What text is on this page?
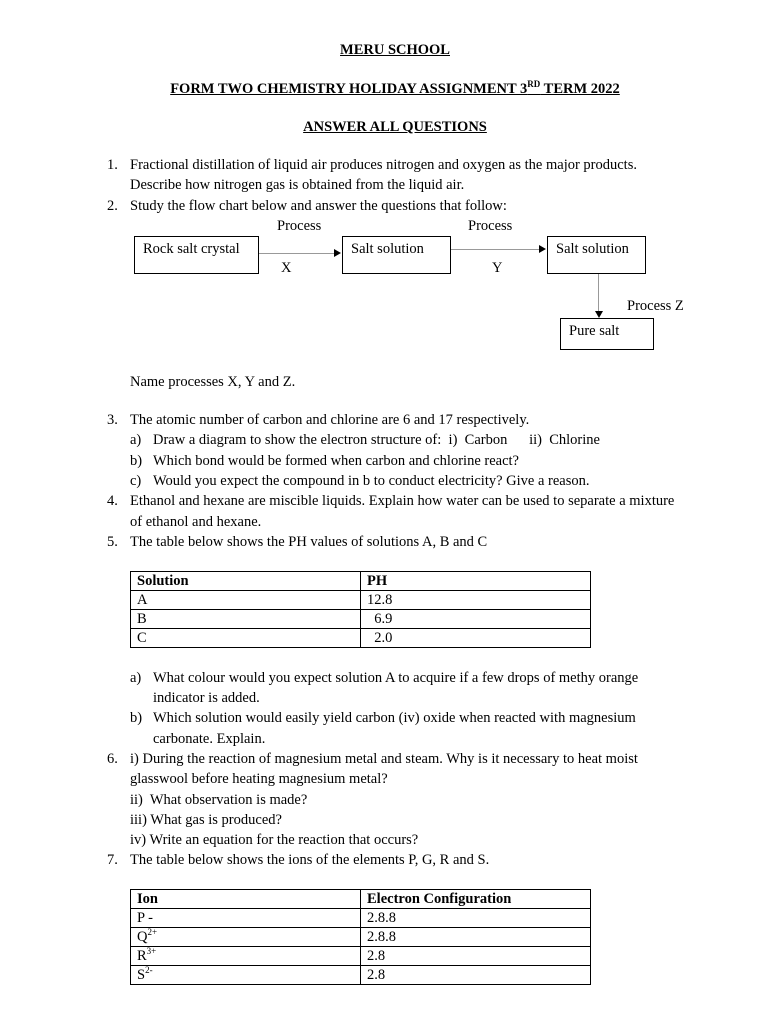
MERU SCHOOL
FORM TWO CHEMISTRY HOLIDAY ASSIGNMENT 3RD TERM 2022
ANSWER ALL QUESTIONS
1. Fractional distillation of liquid air produces nitrogen and oxygen as the major products.
Describe how nitrogen gas is obtained from the liquid air.
2. Study the flow chart below and answer the questions that follow:
Process	Process
Rock salt crystal	Salt solution	Salt solution
X	Y
Process Z
Pure salt
Name processes X, Y and Z.
3. The atomic number of carbon and chlorine are 6 and 17 respectively.
a) Draw a diagram to show the electron structure of:  i)  Carbon      ii)  Chlorine
b) Which bond would be formed when carbon and chlorine react?
c) Would you expect the compound in b to conduct electricity? Give a reason.
4. Ethanol and hexane are miscible liquids. Explain how water can be used to separate a mixture
of ethanol and hexane.
5. The table below shows the PH values of solutions A, B and C
Solution	PH
A	12.8
B	6.9
C	2.0
a) What colour would you expect solution A to acquire if a few drops of methy orange
indicator is added.
b) Which solution would easily yield carbon (iv) oxide when reacted with magnesium
carbonate. Explain.
6. i) During the reaction of magnesium metal and steam. Why is it necessary to heat moist
glasswool before heating magnesium metal?
ii)  What observation is made?
iii) What gas is produced?
iv) Write an equation for the reaction that occurs?
7. The table below shows the ions of the elements P, G, R and S.
Ion	Electron Configuration
P -	2.8.8
$Q^{2+}$	2.8.8
$R^{3+}$	2.8
$S^{2-}$	2.8
